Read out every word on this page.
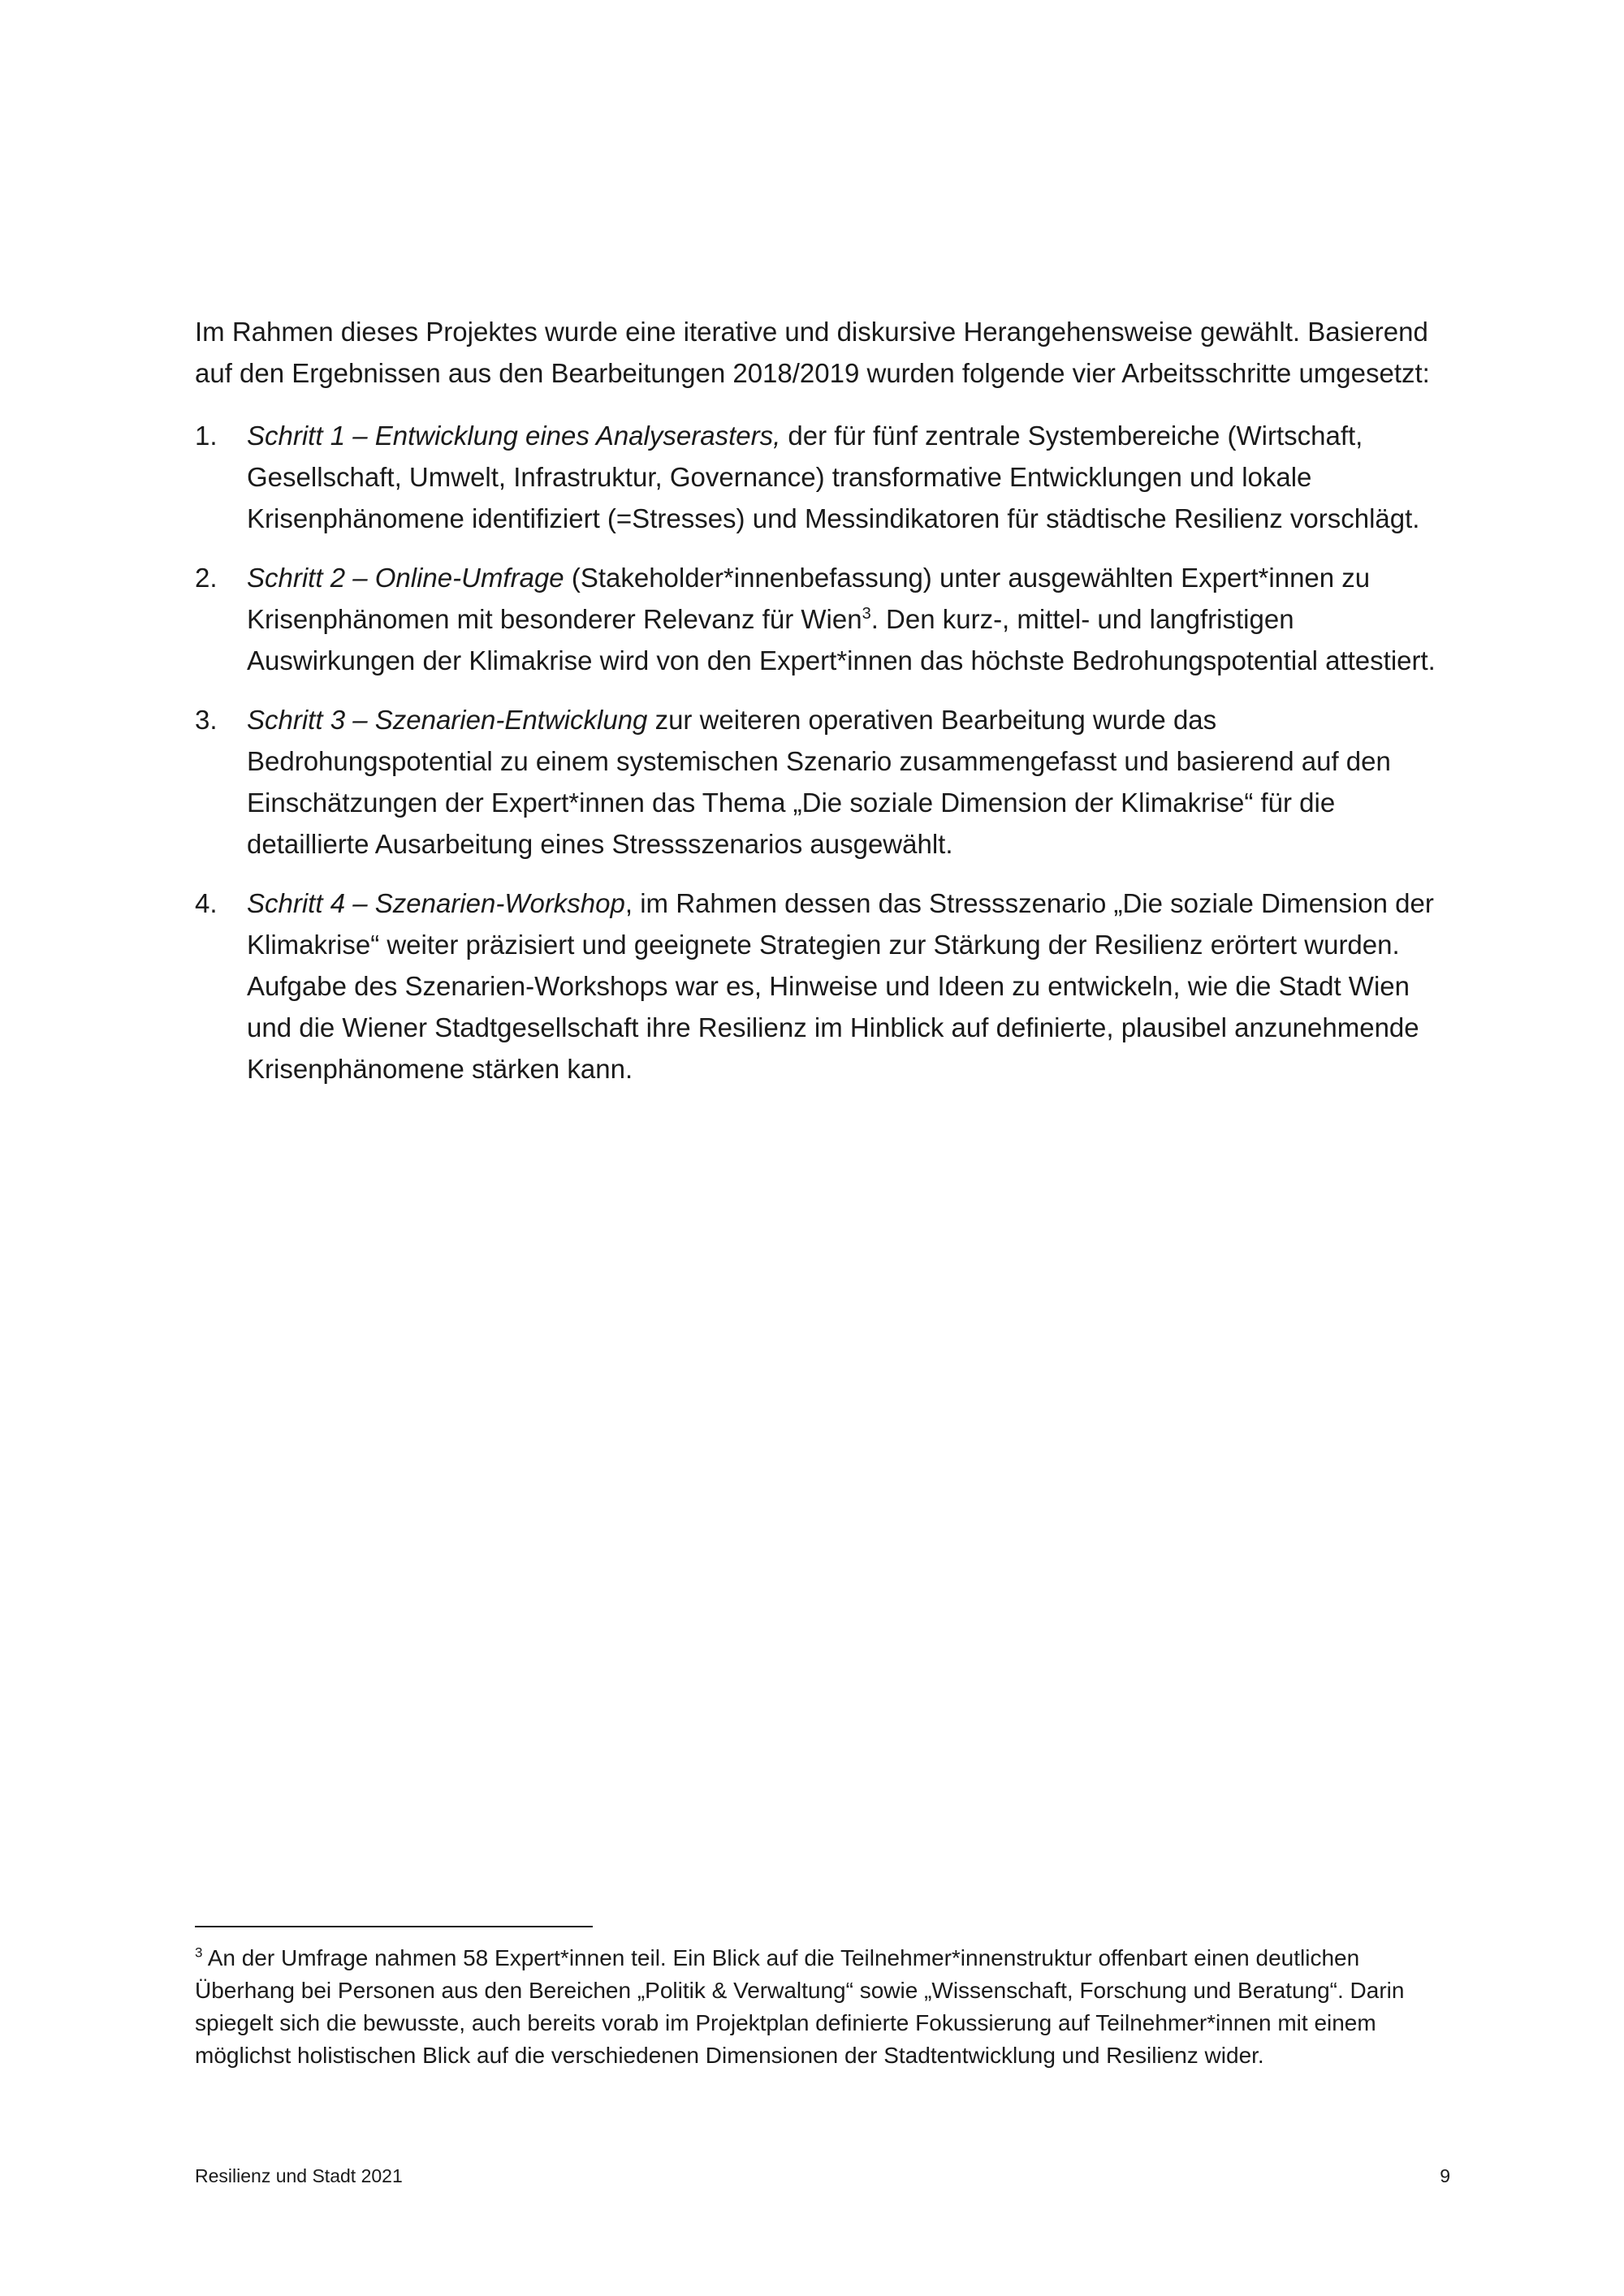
Im Rahmen dieses Projektes wurde eine iterative und diskursive Herangehensweise gewählt. Basierend auf den Ergebnissen aus den Bearbeitungen 2018/2019 wurden folgende vier Arbeitsschritte umgesetzt:

1. Schritt 1 – Entwicklung eines Analyserasters, der für fünf zentrale Systembereiche (Wirtschaft, Gesellschaft, Umwelt, Infrastruktur, Governance) transformative Entwicklungen und lokale Krisenphänomene identifiziert (=Stresses) und Messindikatoren für städtische Resilienz vorschlägt.
2. Schritt 2 – Online-Umfrage (Stakeholder*innenbefassung) unter ausgewählten Expert*innen zu Krisenphänomen mit besonderer Relevanz für Wien$^3$. Den kurz-, mittel- und langfristigen Auswirkungen der Klimakrise wird von den Expert*innen das höchste Bedrohungspotential attestiert.
3. Schritt 3 – Szenarien-Entwicklung zur weiteren operativen Bearbeitung wurde das Bedrohungspotential zu einem systemischen Szenario zusammengefasst und basierend auf den Einschätzungen der Expert*innen das Thema „Die soziale Dimension der Klimakrise“ für die detaillierte Ausarbeitung eines Stressszenarios ausgewählt.
4. Schritt 4 – Szenarien-Workshop, im Rahmen dessen das Stressszenario „Die soziale Dimension der Klimakrise“ weiter präzisiert und geeignete Strategien zur Stärkung der Resilienz erörtert wurden. Aufgabe des Szenarien-Workshops war es, Hinweise und Ideen zu entwickeln, wie die Stadt Wien und die Wiener Stadtgesellschaft ihre Resilienz im Hinblick auf definierte, plausibel anzunehmende Krisenphänomene stärken kann.
$^3$ An der Umfrage nahmen 58 Expert*innen teil. Ein Blick auf die Teilnehmer*innenstruktur offenbart einen deutlichen Überhang bei Personen aus den Bereichen „Politik & Verwaltung“ sowie „Wissenschaft, Forschung und Beratung“. Darin spiegelt sich die bewusste, auch bereits vorab im Projektplan definierte Fokussierung auf Teilnehmer*innen mit einem möglichst holistischen Blick auf die verschiedenen Dimensionen der Stadtentwicklung und Resilienz wider.
Resilienz und Stadt 2021	9
